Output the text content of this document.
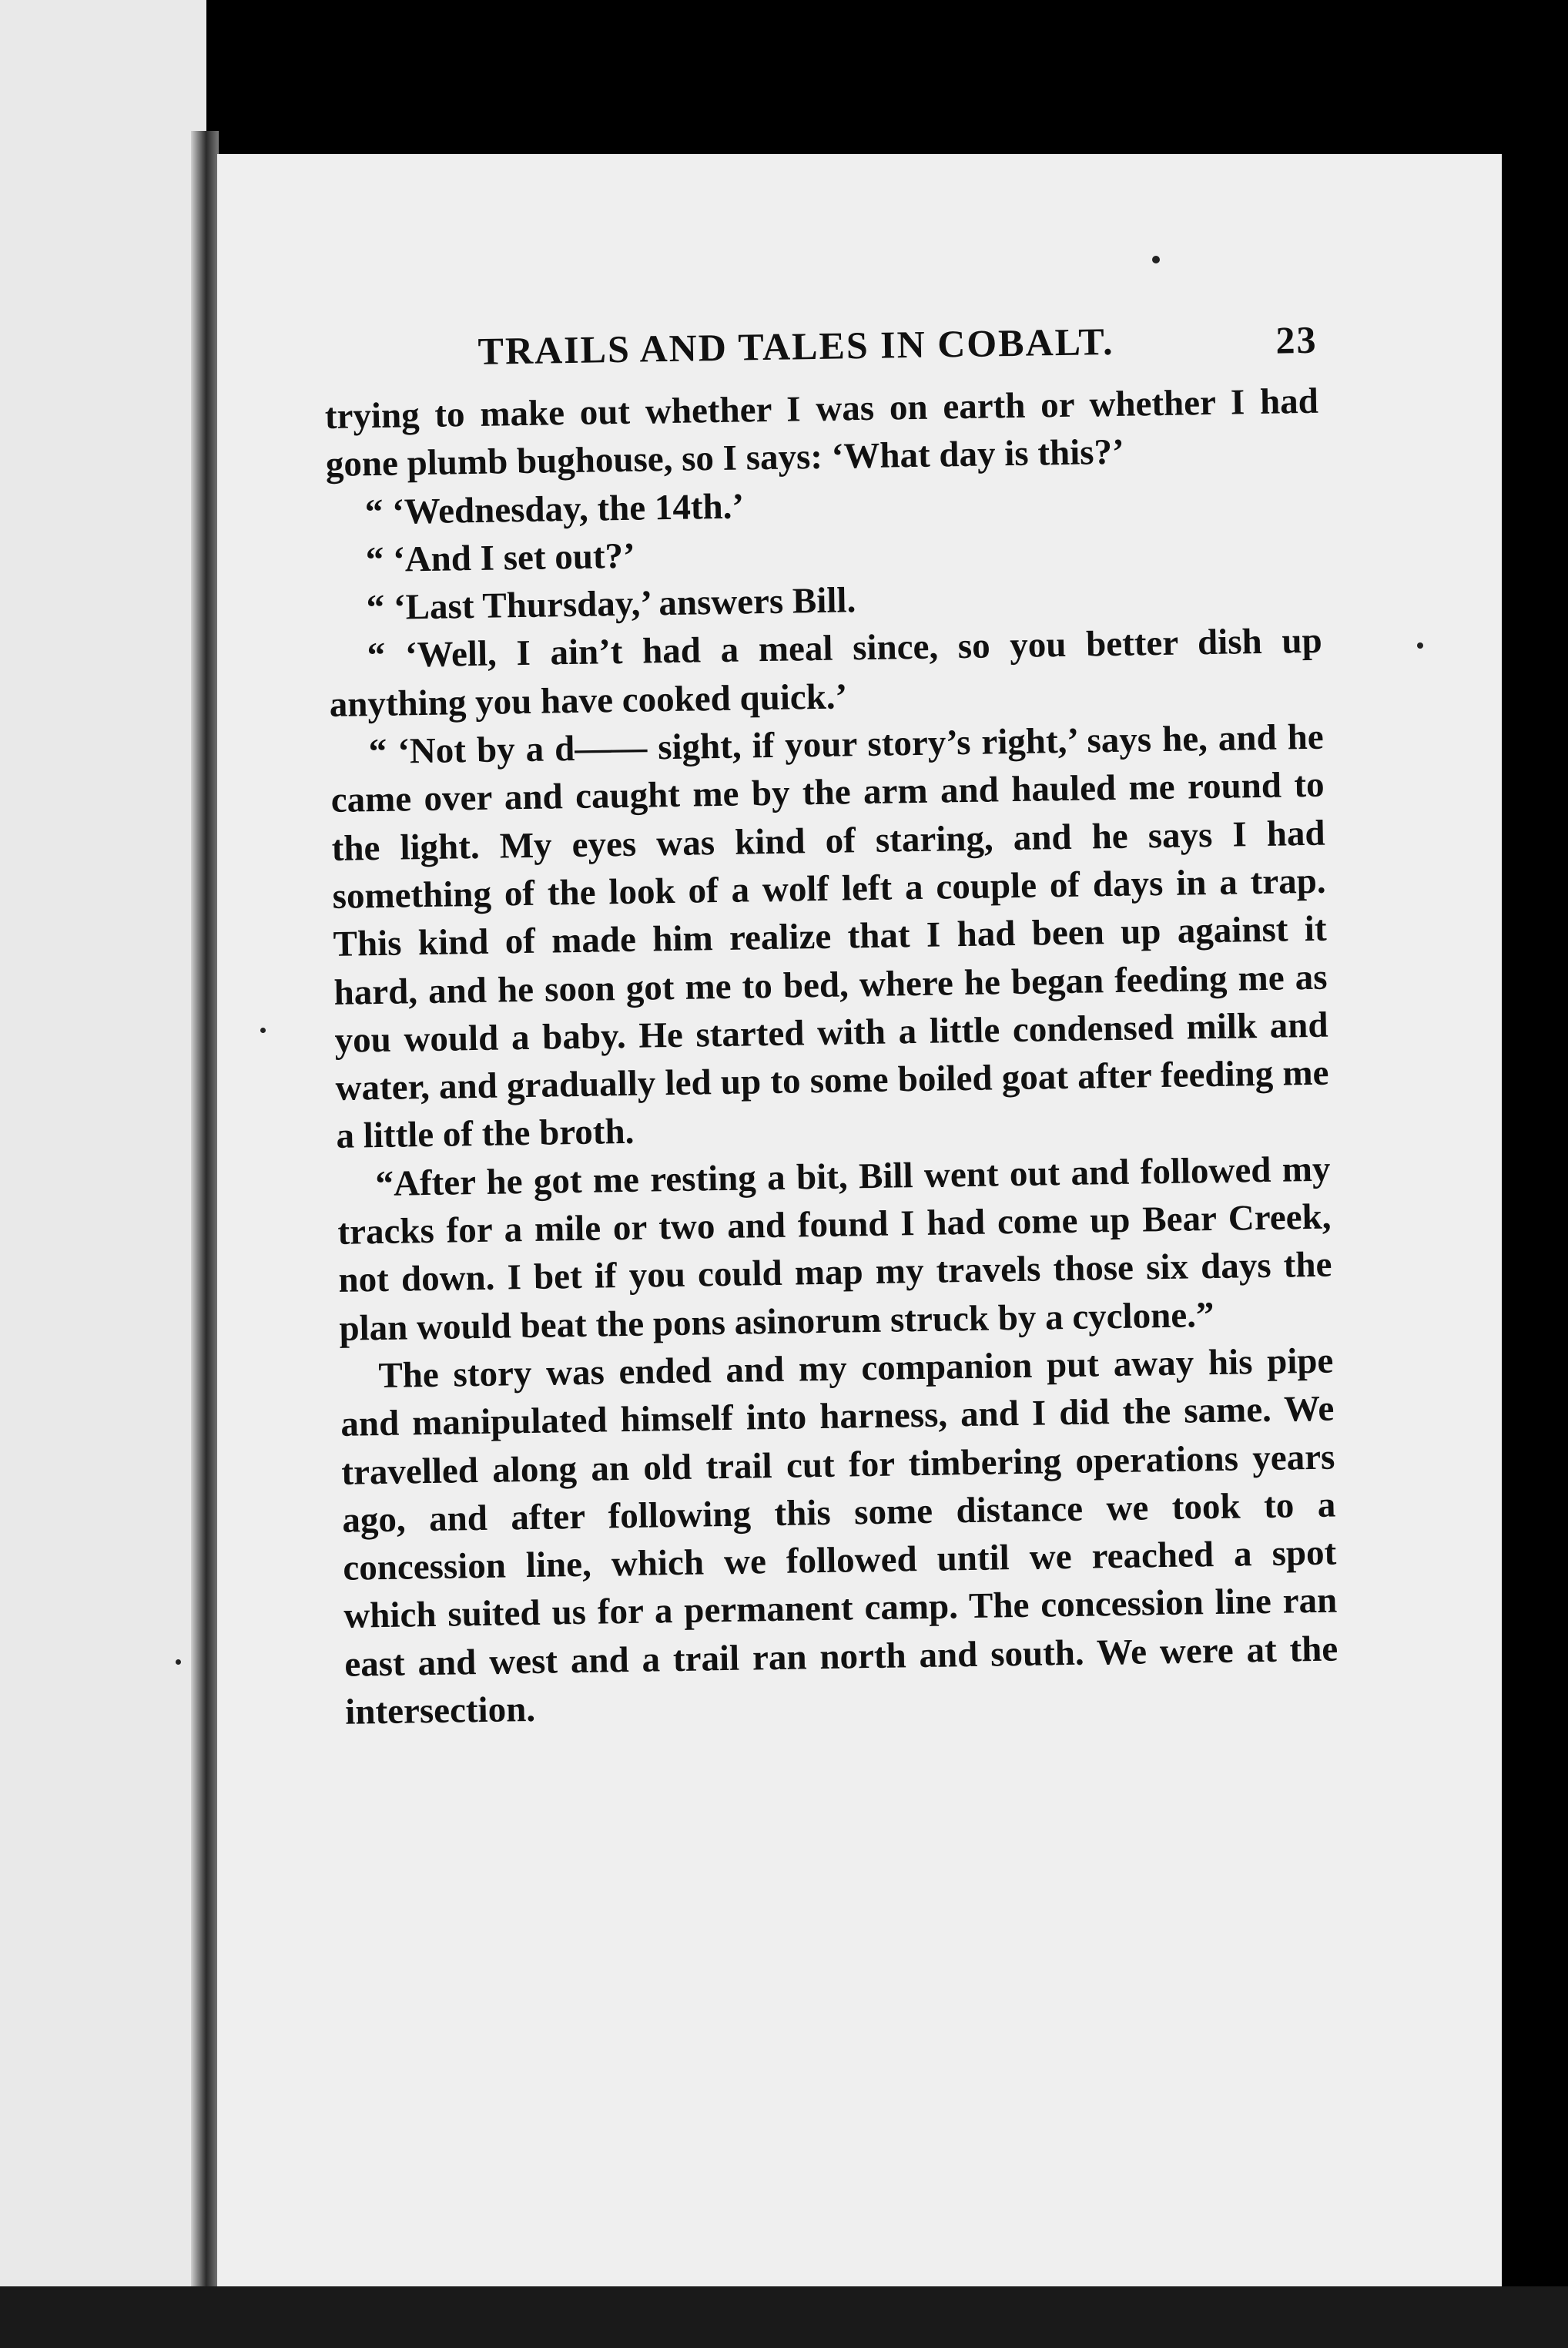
TRAILS AND TALES IN COBALT.	23

trying to make out whether I was on earth or whether I had gone plumb bughouse, so I says: ‘What day is this?’

“ ‘Wednesday, the 14th.’

“ ‘And I set out?’

“ ‘Last Thursday,’ answers Bill.

“ ‘Well, I ain’t had a meal since, so you better dish up anything you have cooked quick.’

“ ‘Not by a d—— sight, if your story’s right,’ says he, and he came over and caught me by the arm and hauled me round to the light. My eyes was kind of staring, and he says I had something of the look of a wolf left a couple of days in a trap. This kind of made him realize that I had been up against it hard, and he soon got me to bed, where he began feeding me as you would a baby. He started with a little condensed milk and water, and gradually led up to some boiled goat after feeding me a little of the broth.

“After he got me resting a bit, Bill went out and followed my tracks for a mile or two and found I had come up Bear Creek, not down. I bet if you could map my travels those six days the plan would beat the pons asinorum struck by a cyclone.”

The story was ended and my companion put away his pipe and manipulated himself into harness, and I did the same. We travelled along an old trail cut for timbering operations years ago, and after following this some distance we took to a concession line, which we followed until we reached a spot which suited us for a permanent camp. The concession line ran east and west and a trail ran north and south. We were at the intersection.
